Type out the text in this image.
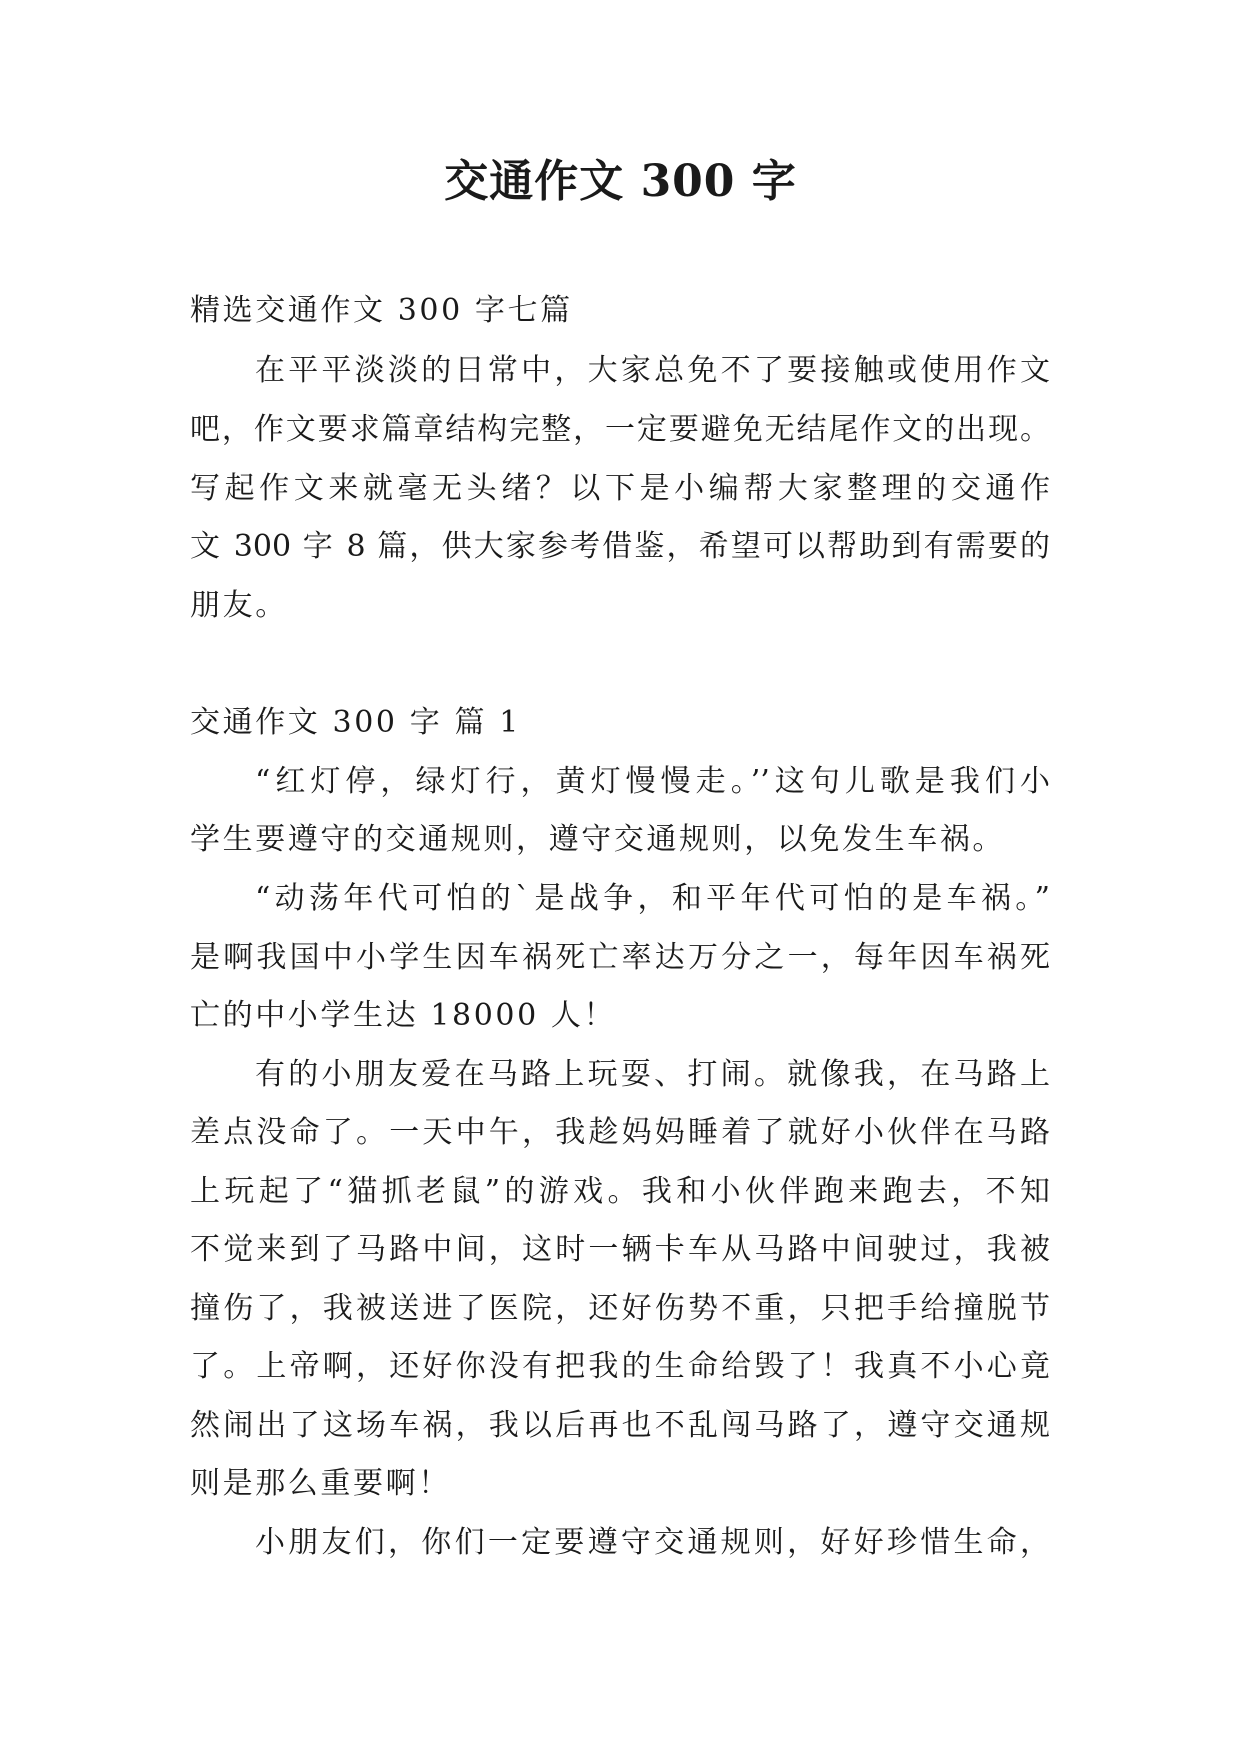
交通作文 300 字
精选交通作文 300 字七篇
在平平淡淡的日常中，大家总免不了要接触或使用作文
吧，作文要求篇章结构完整，一定要避免无结尾作文的出现。
写起作文来就毫无头绪？以下是小编帮大家整理的交通作
文 300 字 8 篇，供大家参考借鉴，希望可以帮助到有需要的
朋友。
交通作文 300 字 篇 1
“红灯停，绿灯行，黄灯慢慢走。’’这句儿歌是我们小
学生要遵守的交通规则，遵守交通规则，以免发生车祸。
“动荡年代可怕的`是战争，和平年代可怕的是车祸。”
是啊我国中小学生因车祸死亡率达万分之一，每年因车祸死
亡的中小学生达 18000 人！
有的小朋友爱在马路上玩耍、打闹。就像我，在马路上
差点没命了。一天中午，我趁妈妈睡着了就好小伙伴在马路
上玩起了“猫抓老鼠”的游戏。我和小伙伴跑来跑去，不知
不觉来到了马路中间，这时一辆卡车从马路中间驶过，我被
撞伤了，我被送进了医院，还好伤势不重，只把手给撞脱节
了。上帝啊，还好你没有把我的生命给毁了！我真不小心竟
然闹出了这场车祸，我以后再也不乱闯马路了，遵守交通规
则是那么重要啊！
小朋友们，你们一定要遵守交通规则，好好珍惜生命，
